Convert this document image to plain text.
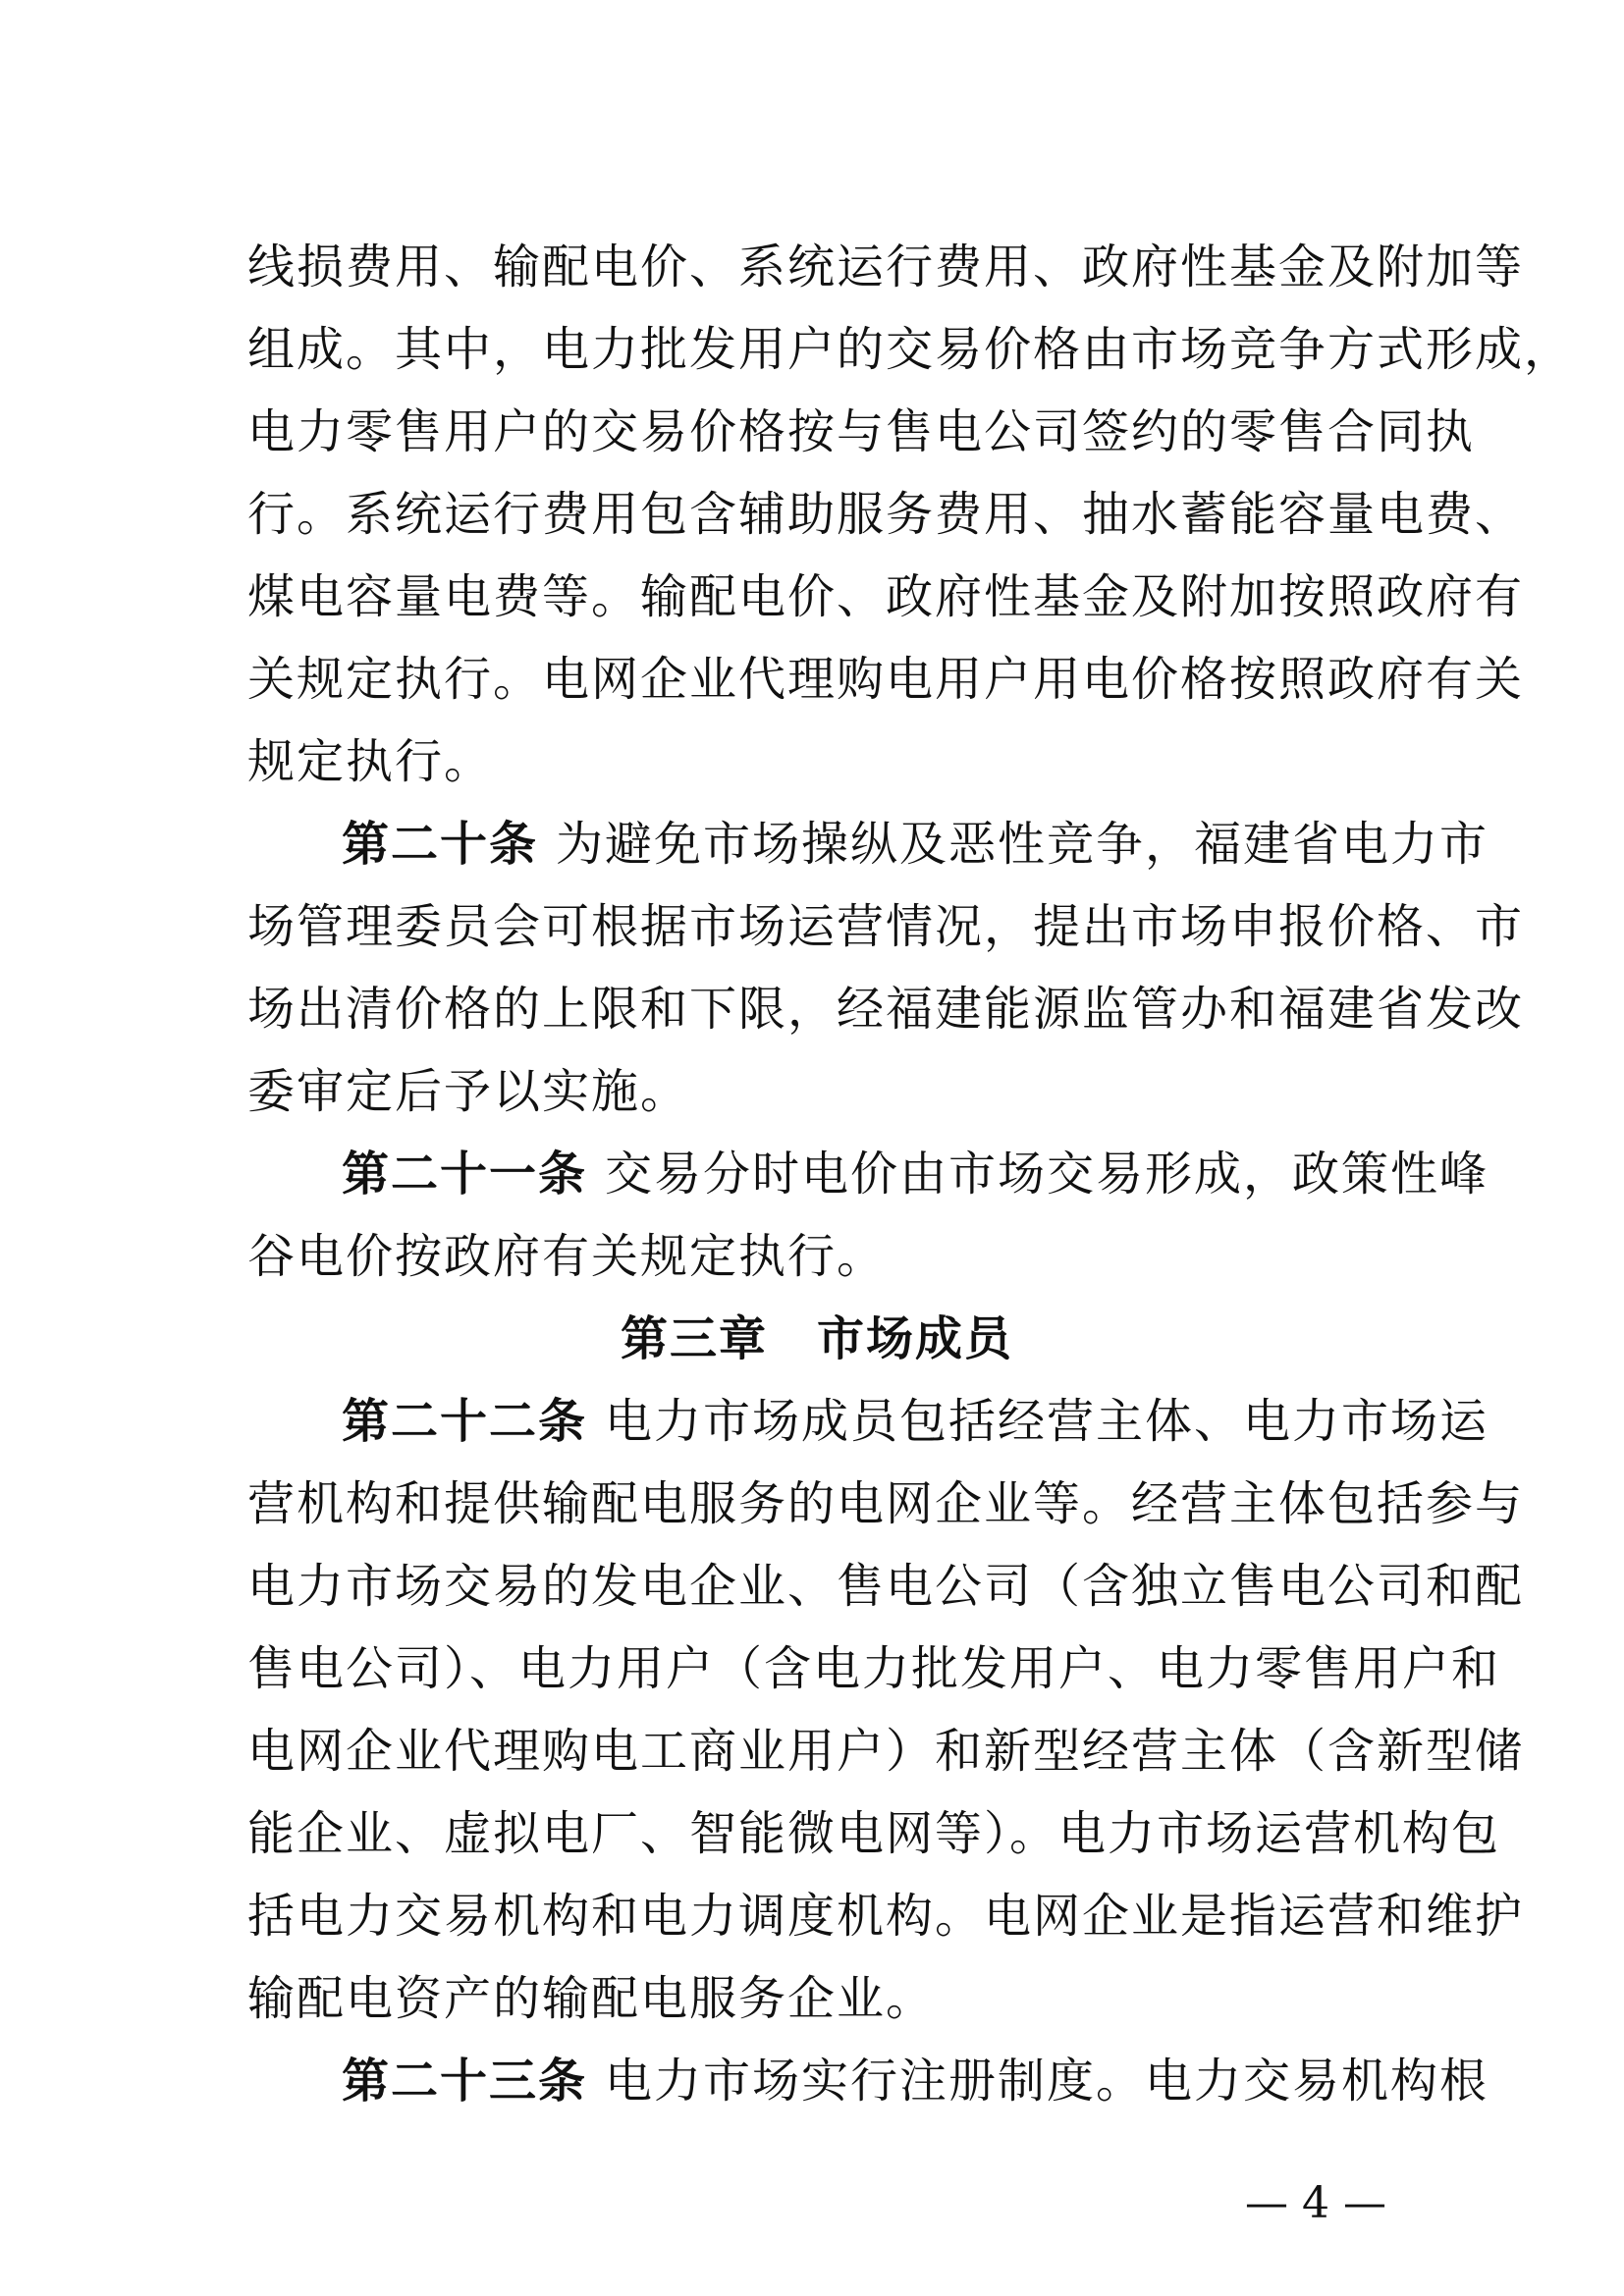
线损费用、输配电价、系统运行费用、政府性基金及附加等
组成。其中，电力批发用户的交易价格由市场竞争方式形成，
电力零售用户的交易价格按与售电公司签约的零售合同执
行。系统运行费用包含辅助服务费用、抽水蓄能容量电费、
煤电容量电费等。输配电价、政府性基金及附加按照政府有
关规定执行。电网企业代理购电用户用电价格按照政府有关
规定执行。
第二十条 为避免市场操纵及恶性竞争，福建省电力市
场管理委员会可根据市场运营情况，提出市场申报价格、市
场出清价格的上限和下限，经福建能源监管办和福建省发改
委审定后予以实施。
第二十一条 交易分时电价由市场交易形成，政策性峰
谷电价按政府有关规定执行。
第三章　市场成员
第二十二条 电力市场成员包括经营主体、电力市场运
营机构和提供输配电服务的电网企业等。经营主体包括参与
电力市场交易的发电企业、售电公司（含独立售电公司和配
售电公司）、电力用户（含电力批发用户、电力零售用户和
电网企业代理购电工商业用户）和新型经营主体（含新型储
能企业、虚拟电厂、智能微电网等）。电力市场运营机构包
括电力交易机构和电力调度机构。电网企业是指运营和维护
输配电资产的输配电服务企业。
第二十三条 电力市场实行注册制度。电力交易机构根
— 4 —
